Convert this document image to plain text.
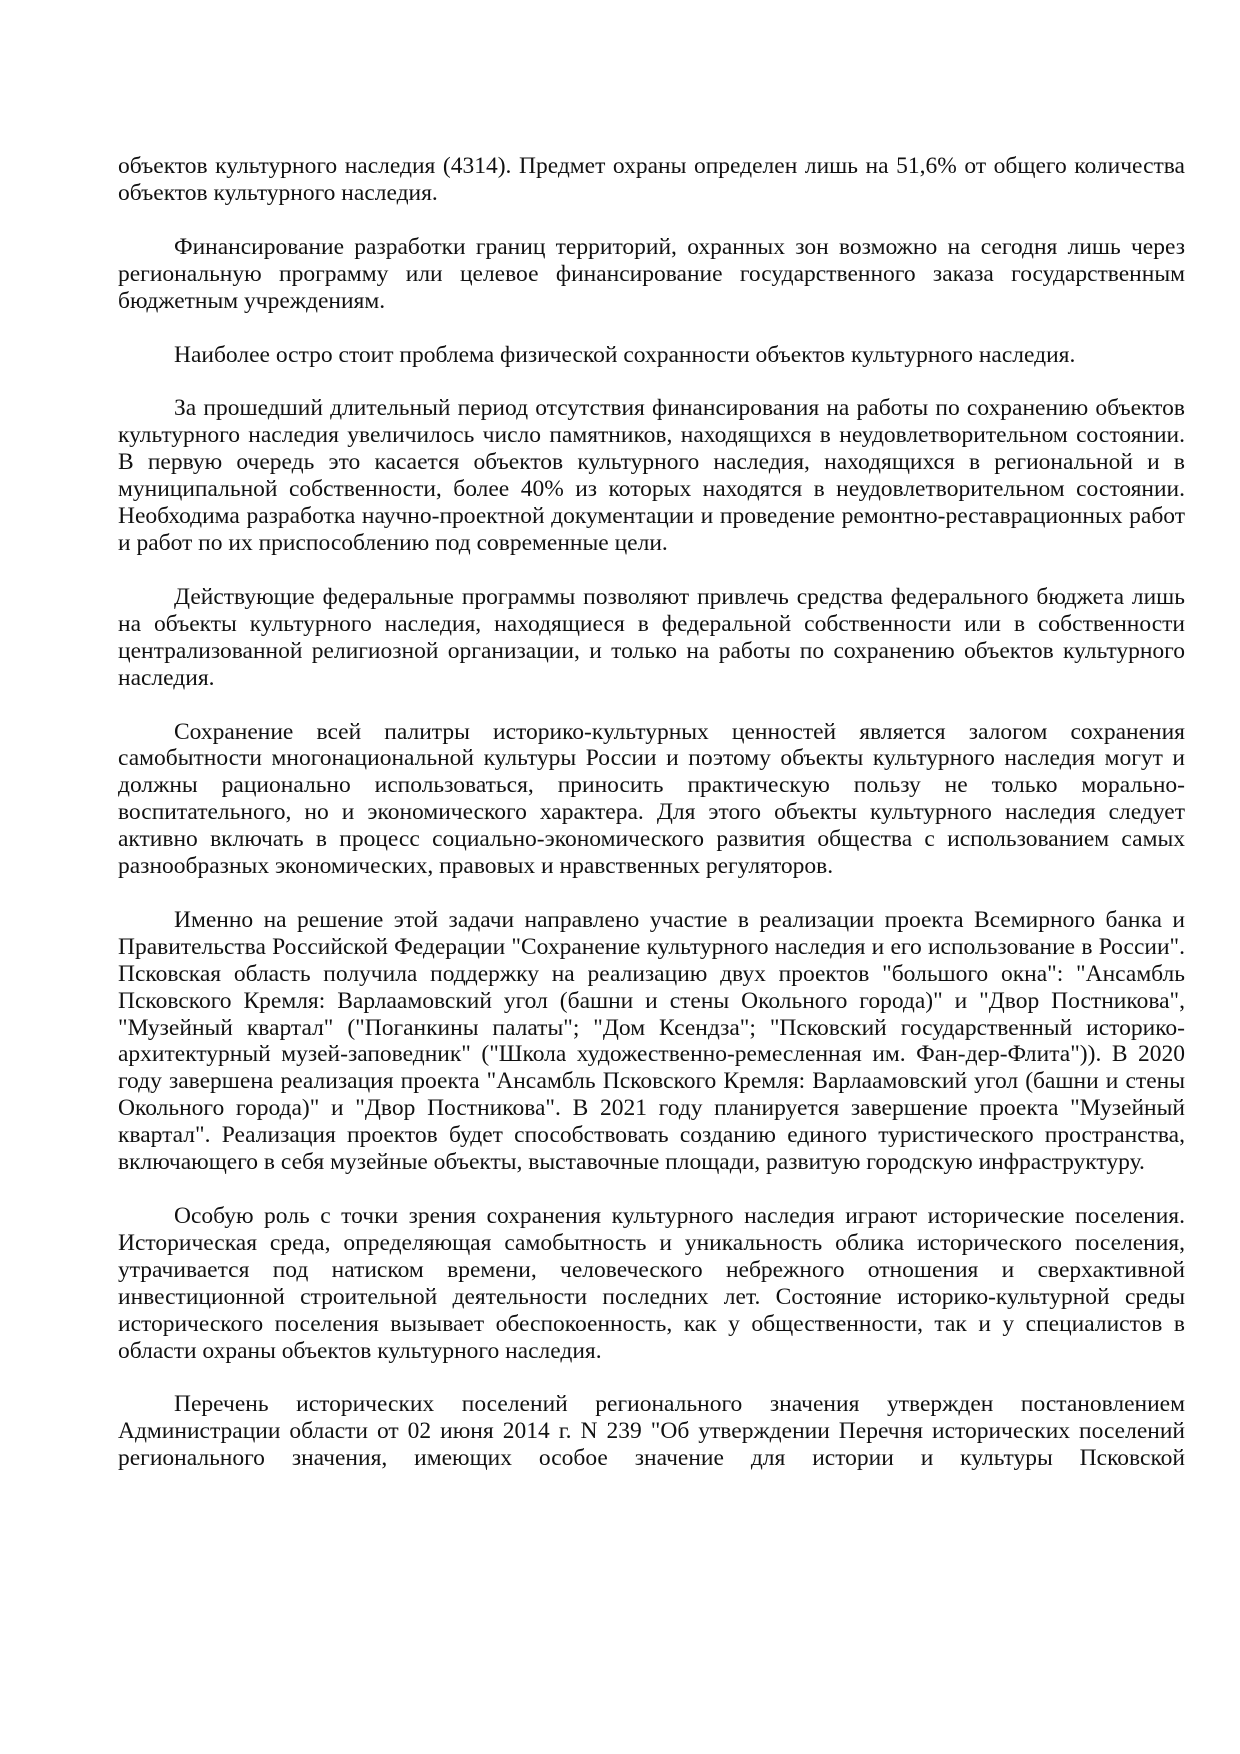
объектов культурного наследия (4314). Предмет охраны определен лишь на 51,6% от общего количества объектов культурного наследия.

Финансирование разработки границ территорий, охранных зон возможно на сегодня лишь через региональную программу или целевое финансирование государственного заказа государственным бюджетным учреждениям.

Наиболее остро стоит проблема физической сохранности объектов культурного наследия.

За прошедший длительный период отсутствия финансирования на работы по сохранению объектов культурного наследия увеличилось число памятников, находящихся в неудовлетворительном состоянии. В первую очередь это касается объектов культурного наследия, находящихся в региональной и в муниципальной собственности, более 40% из которых находятся в неудовлетворительном состоянии. Необходима разработка научно-проектной документации и проведение ремонтно-реставрационных работ и работ по их приспособлению под современные цели.

Действующие федеральные программы позволяют привлечь средства федерального бюджета лишь на объекты культурного наследия, находящиеся в федеральной собственности или в собственности централизованной религиозной организации, и только на работы по сохранению объектов культурного наследия.

Сохранение всей палитры историко-культурных ценностей является залогом сохранения самобытности многонациональной культуры России и поэтому объекты культурного наследия могут и должны рационально использоваться, приносить практическую пользу не только морально-воспитательного, но и экономического характера. Для этого объекты культурного наследия следует активно включать в процесс социально-экономического развития общества с использованием самых разнообразных экономических, правовых и нравственных регуляторов.

Именно на решение этой задачи направлено участие в реализации проекта Всемирного банка и Правительства Российской Федерации "Сохранение культурного наследия и его использование в России". Псковская область получила поддержку на реализацию двух проектов "большого окна": "Ансамбль Псковского Кремля: Варлаамовский угол (башни и стены Окольного города)" и "Двор Постникова", "Музейный квартал" ("Поганкины палаты"; "Дом Ксендза"; "Псковский государственный историко-архитектурный музей-заповедник" ("Школа художественно-ремесленная им. Фан-дер-Флита")). В 2020 году завершена реализация проекта "Ансамбль Псковского Кремля: Варлаамовский угол (башни и стены Окольного города)" и "Двор Постникова". В 2021 году планируется завершение проекта "Музейный квартал". Реализация проектов будет способствовать созданию единого туристического пространства, включающего в себя музейные объекты, выставочные площади, развитую городскую инфраструктуру.

Особую роль с точки зрения сохранения культурного наследия играют исторические поселения. Историческая среда, определяющая самобытность и уникальность облика исторического поселения, утрачивается под натиском времени, человеческого небрежного отношения и сверхактивной инвестиционной строительной деятельности последних лет. Состояние историко-культурной среды исторического поселения вызывает обеспокоенность, как у общественности, так и у специалистов в области охраны объектов культурного наследия.

Перечень исторических поселений регионального значения утвержден постановлением Администрации области от 02 июня 2014 г. N 239 "Об утверждении Перечня исторических поселений регионального значения, имеющих особое значение для истории и культуры Псковской
